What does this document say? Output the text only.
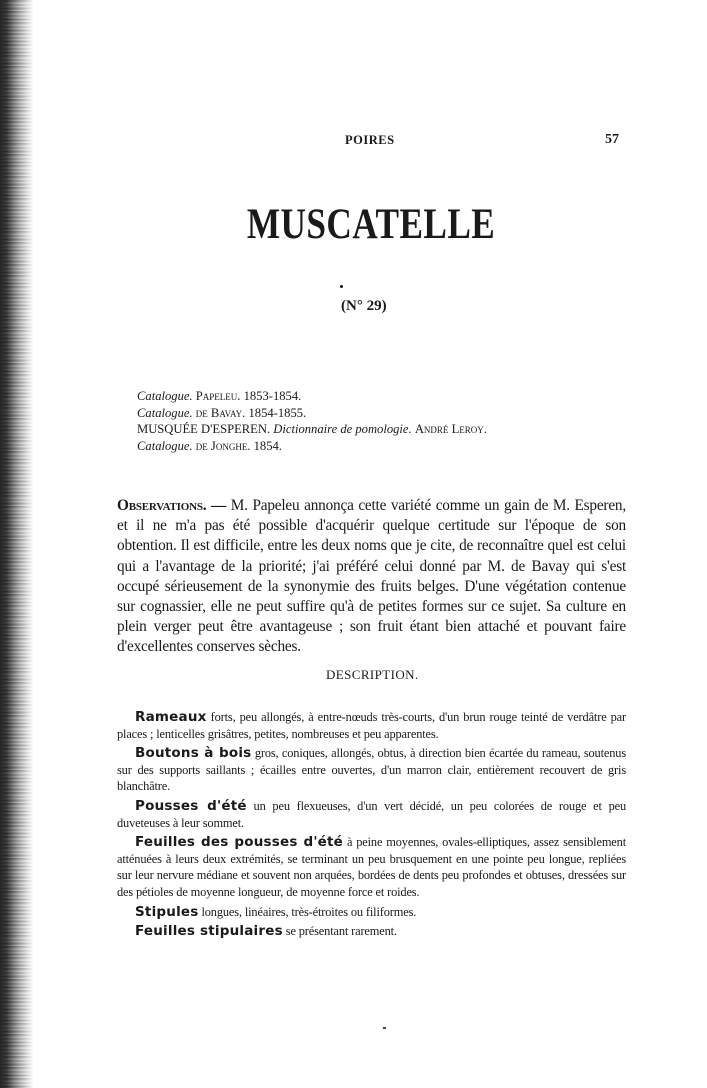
POIRES	57
MUSCATELLE
(N° 29)
Catalogue. Papeleu. 1853-1854.
Catalogue. de Bavay. 1854-1855.
MUSQUÉE D'ESPEREN. Dictionnaire de pomologie. André Leroy.
Catalogue. de Jonghe. 1854.
Observations. — M. Papeleu annonça cette variété comme un gain de M. Esperen, et il ne m'a pas été possible d'acquérir quelque certitude sur l'époque de son obtention. Il est difficile, entre les deux noms que je cite, de reconnaître quel est celui qui a l'avantage de la priorité; j'ai préféré celui donné par M. de Bavay qui s'est occupé sérieusement de la synonymie des fruits belges. D'une végétation contenue sur cognassier, elle ne peut suffire qu'à de petites formes sur ce sujet. Sa culture en plein verger peut être avantageuse ; son fruit étant bien attaché et pouvant faire d'excellentes conserves sèches.
DESCRIPTION.

Rameaux forts, peu allongés, à entre-nœuds très-courts, d'un brun rouge teinté de verdâtre par places ; lenticelles grisâtres, petites, nombreuses et peu apparentes.

Boutons à bois gros, coniques, allongés, obtus, à direction bien écartée du rameau, soutenus sur des supports saillants ; écailles entre ouvertes, d'un marron clair, entièrement recouvert de gris blanchâtre.

Pousses d'été un peu flexueuses, d'un vert décidé, un peu colorées de rouge et peu duveteuses à leur sommet.

Feuilles des pousses d'été à peine moyennes, ovales-elliptiques, assez sensiblement atténuées à leurs deux extrémités, se terminant un peu brusquement en une pointe peu longue, repliées sur leur nervure médiane et souvent non arquées, bordées de dents peu profondes et obtuses, dressées sur des pétioles de moyenne longueur, de moyenne force et roides.

Stipules longues, linéaires, très-étroites ou filiformes.

Feuilles stipulaires se présentant rarement.
